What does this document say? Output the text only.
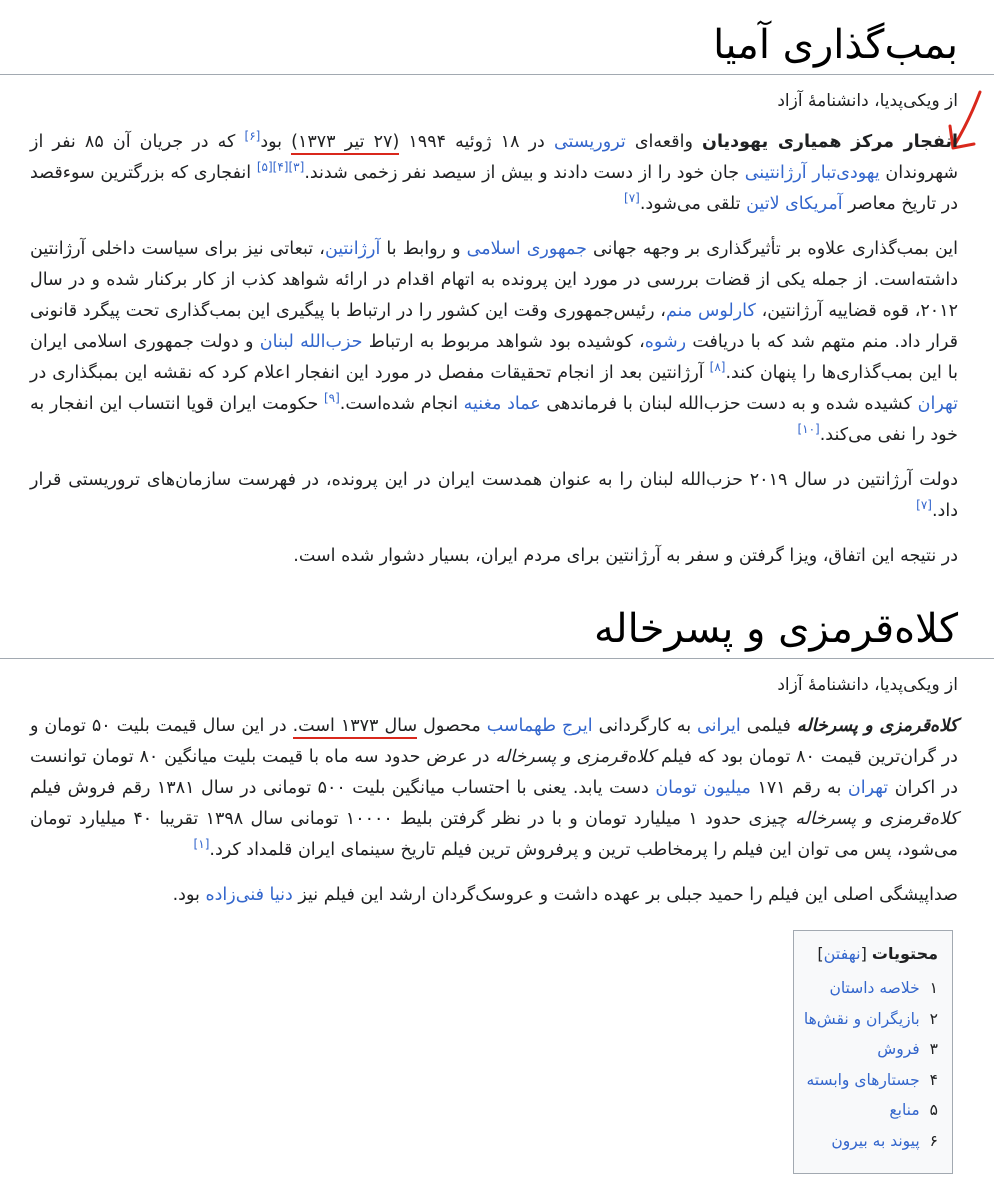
بمب‌گذاری آمیا
از ویکی‌پدیا، دانشنامهٔ آزاد

انفجار مرکز همیاری یهودیان واقعه‌ای تروریستی در ۱۸ ژوئیه ۱۹۹۴ (۲۷ تیر ۱۳۷۳) بود[۶] که در جریان آن ۸۵ نفر از شهروندان یهودی‌تبار آرژانتینی جان خود را از دست دادند و بیش از سیصد نفر زخمی شدند.[۳][۴][۵] انفجاری که بزرگترین سوءقصد در تاریخ معاصر آمریکای لاتین تلقی می‌شود.[۷]

این بمب‌گذاری علاوه بر تأثیرگذاری بر وجهه جهانی جمهوری اسلامی و روابط با آرژانتین، تبعاتی نیز برای سیاست داخلی آرژانتین داشته‌است. از جمله یکی از قضات بررسی در مورد این پرونده به اتهام اقدام در ارائه شواهد کذب از کار برکنار شده و در سال ۲۰۱۲، قوه قضاییه آرژانتین، کارلوس منم، رئیس‌جمهوری وقت این کشور را در ارتباط با پیگیری این بمب‌گذاری تحت پیگرد قانونی قرار داد. منم متهم شد که با دریافت رشوه، کوشیده بود شواهد مربوط به ارتباط حزب‌الله لبنان و دولت جمهوری اسلامی ایران با این بمب‌گذاری‌ها را پنهان کند.[۸] آرژانتین بعد از انجام تحقیقات مفصل در مورد این انفجار اعلام کرد که نقشه این بمبگذاری در تهران کشیده شده و به دست حزب‌الله لبنان با فرماندهی عماد مغنیه انجام شده‌است.[۹] حکومت ایران قویا انتساب این انفجار به خود را نفی می‌کند.[۱۰]

دولت آرژانتین در سال ۲۰۱۹ حزب‌الله لبنان را به عنوان همدست ایران در این پرونده، در فهرست سازمان‌های تروریستی قرار داد.[۷]

در نتیجه این اتفاق، ویزا گرفتن و سفر به آرژانتین برای مردم ایران، بسیار دشوار شده است.

کلاه‌قرمزی و پسرخاله
از ویکی‌پدیا، دانشنامهٔ آزاد

کلاه‌قرمزی و پسرخاله فیلمی ایرانی به کارگردانی ایرج طهماسب محصول سال ۱۳۷۳ است. در این سال قیمت بلیت ۵۰ تومان و در گران‌ترین قیمت ۸۰ تومان بود که فیلم کلاه‌قرمزی و پسرخاله در عرض حدود سه ماه با قیمت بلیت میانگین ۸۰ تومان توانست در اکران تهران به رقم ۱۷۱ میلیون تومان دست یابد. یعنی با احتساب میانگین بلیت ۵۰۰ تومانی در سال ۱۳۸۱ رقم فروش فیلم کلاه‌قرمزی و پسرخاله چیزی حدود ۱ میلیارد تومان و با در نظر گرفتن بلیط ۱۰۰۰۰ تومانی سال ۱۳۹۸ تقریبا ۴۰ میلیارد تومان می‌شود، پس می توان این فیلم را پرمخاطب ترین و پرفروش ترین فیلم تاریخ سینمای ایران قلمداد کرد.[۱]

صداپیشگی اصلی این فیلم را حمید جبلی بر عهده داشت و عروسک‌گردان ارشد این فیلم نیز دنیا فنی‌زاده بود.

محتویات [نهفتن]
۱خلاصه داستان
۲بازیگران و نقش‌ها
۳فروش
۴جستارهای وابسته
۵منابع
۶پیوند به بیرون
